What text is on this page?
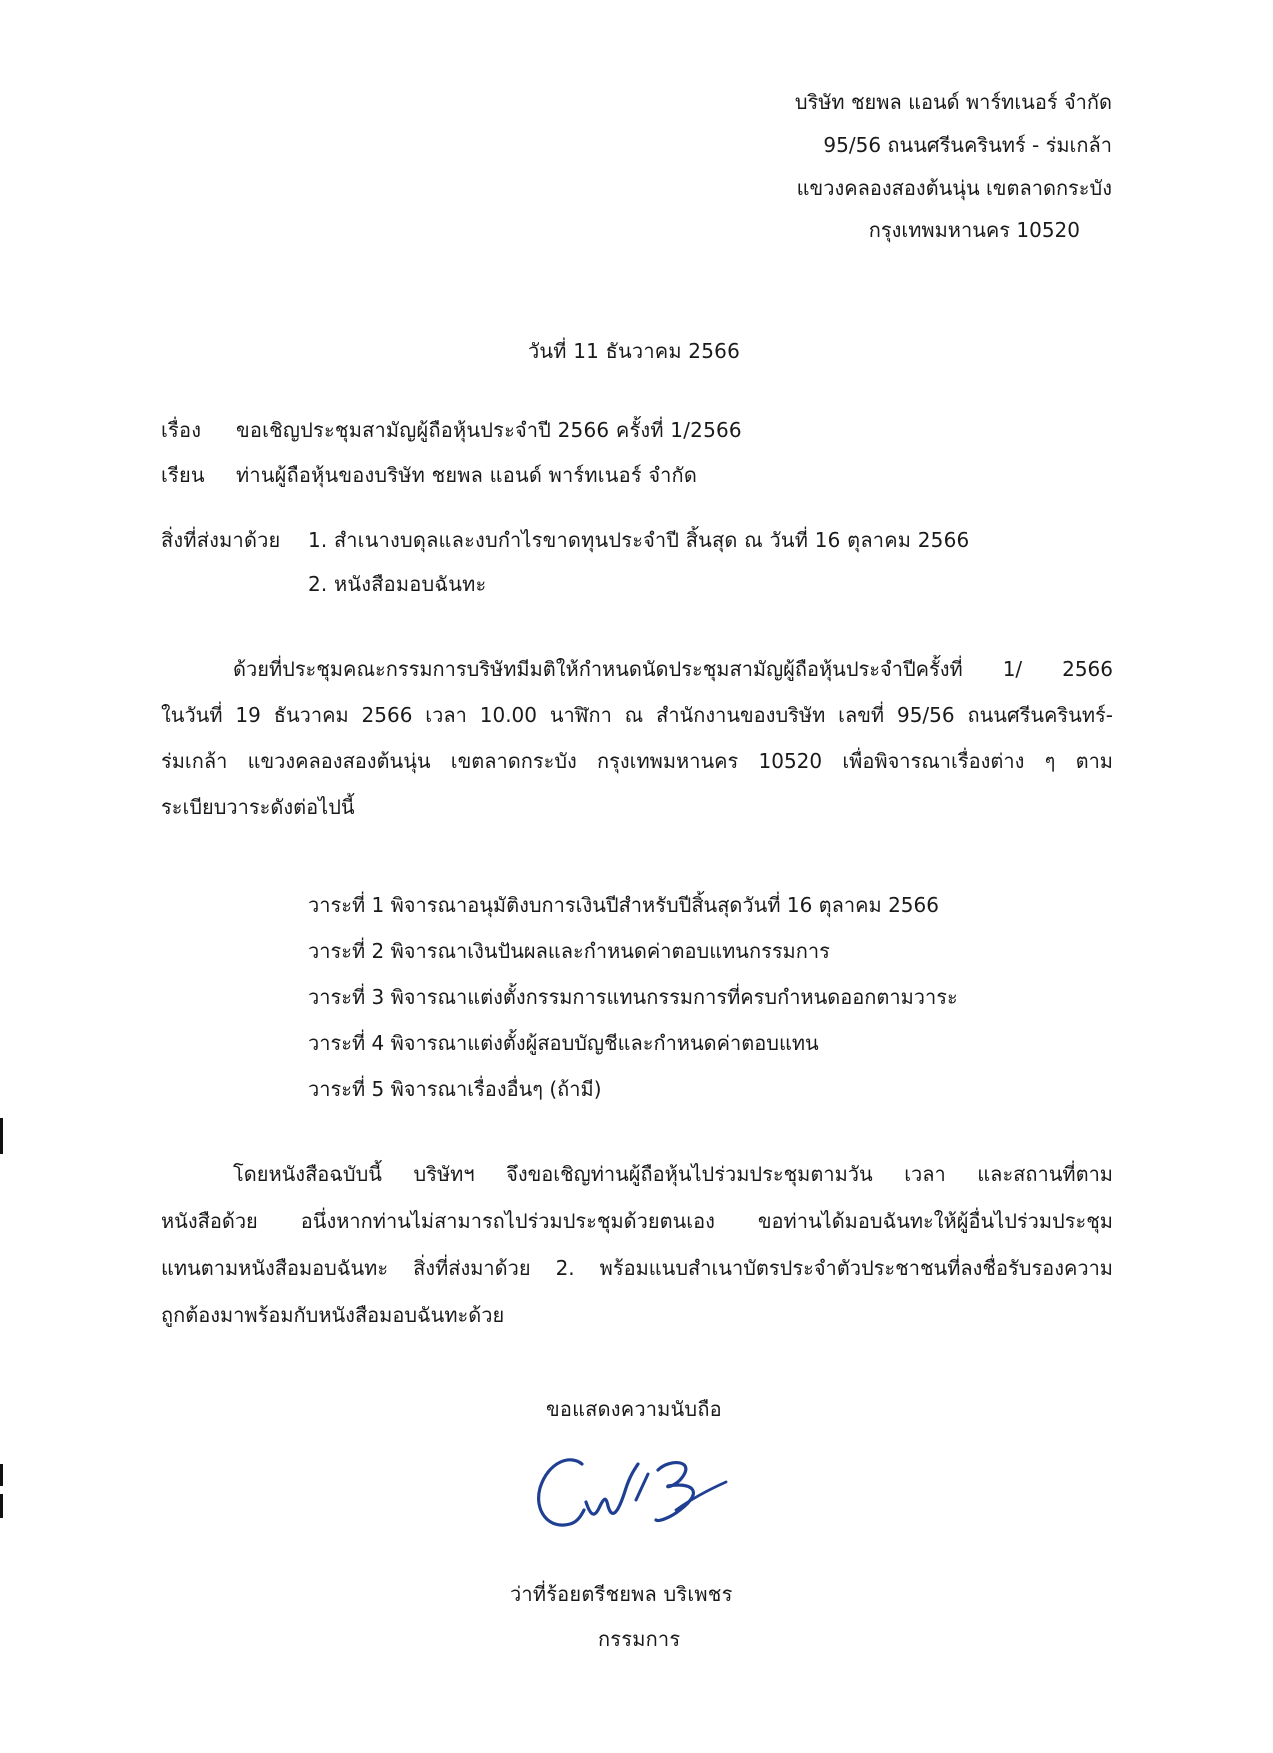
บริษัท ชยพล แอนด์ พาร์ทเนอร์ จำกัด
95/56 ถนนศรีนครินทร์ - ร่มเกล้า
แขวงคลองสองต้นนุ่น เขตลาดกระบัง
กรุงเทพมหานคร 10520
วันที่ 11 ธันวาคม 2566
เรื่อง ขอเชิญประชุมสามัญผู้ถือหุ้นประจำปี 2566 ครั้งที่ 1/2566
เรียน ท่านผู้ถือหุ้นของบริษัท ชยพล แอนด์ พาร์ทเนอร์ จำกัด
สิ่งที่ส่งมาด้วย 1. สำเนางบดุลและงบกำไรขาดทุนประจำปี สิ้นสุด ณ วันที่ 16 ตุลาคม 2566
2. หนังสือมอบฉันทะ
ด้วยที่ประชุมคณะกรรมการบริษัทมีมติให้กำหนดนัดประชุมสามัญผู้ถือหุ้นประจำปีครั้งที่ 1/ 2566
ในวันที่ 19 ธันวาคม 2566 เวลา 10.00 นาฬิกา ณ สำนักงานของบริษัท เลขที่ 95/56 ถนนศรีนครินทร์-
ร่มเกล้า แขวงคลองสองต้นนุ่น เขตลาดกระบัง กรุงเทพมหานคร 10520 เพื่อพิจารณาเรื่องต่าง ๆ ตาม
ระเบียบวาระดังต่อไปนี้
วาระที่ 1 พิจารณาอนุมัติงบการเงินปีสำหรับปีสิ้นสุดวันที่ 16 ตุลาคม 2566
วาระที่ 2 พิจารณาเงินปันผลและกำหนดค่าตอบแทนกรรมการ
วาระที่ 3 พิจารณาแต่งตั้งกรรมการแทนกรรมการที่ครบกำหนดออกตามวาระ
วาระที่ 4 พิจารณาแต่งตั้งผู้สอบบัญชีและกำหนดค่าตอบแทน
วาระที่ 5 พิจารณาเรื่องอื่นๆ (ถ้ามี)
โดยหนังสือฉบับนี้ บริษัทฯ จึงขอเชิญท่านผู้ถือหุ้นไปร่วมประชุมตามวัน เวลา และสถานที่ตาม
หนังสือด้วย อนึ่งหากท่านไม่สามารถไปร่วมประชุมด้วยตนเอง ขอท่านได้มอบฉันทะให้ผู้อื่นไปร่วมประชุม
แทนตามหนังสือมอบฉันทะ สิ่งที่ส่งมาด้วย 2. พร้อมแนบสำเนาบัตรประจำตัวประชาชนที่ลงชื่อรับรองความ
ถูกต้องมาพร้อมกับหนังสือมอบฉันทะด้วย
ขอแสดงความนับถือ
ว่าที่ร้อยตรีชยพล บริเพชร
กรรมการ
